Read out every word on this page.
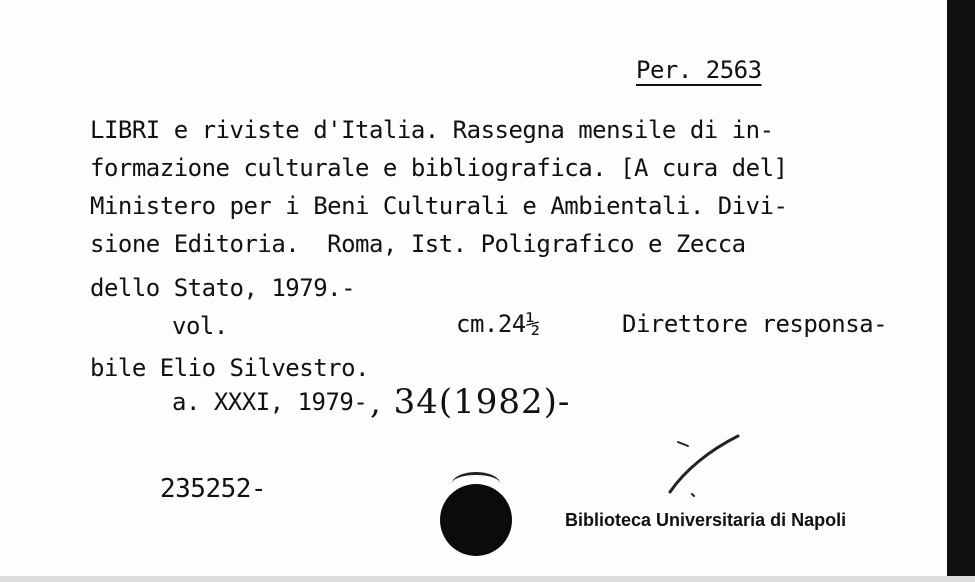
Per. 2563
LIBRI e riviste d'Italia. Rassegna mensile di in-
formazione culturale e bibliografica. [A cura del]
Ministero per i Beni Culturali e Ambientali. Divi-
sione Editoria.  Roma, Ist. Poligrafico e Zecca
dello Stato, 1979.-
vol.	cm.24½	Direttore responsa-
bile Elio Silvestro.
a. XXXI, 1979- , 34(1982)-
235252-
Biblioteca Universitaria di Napoli
